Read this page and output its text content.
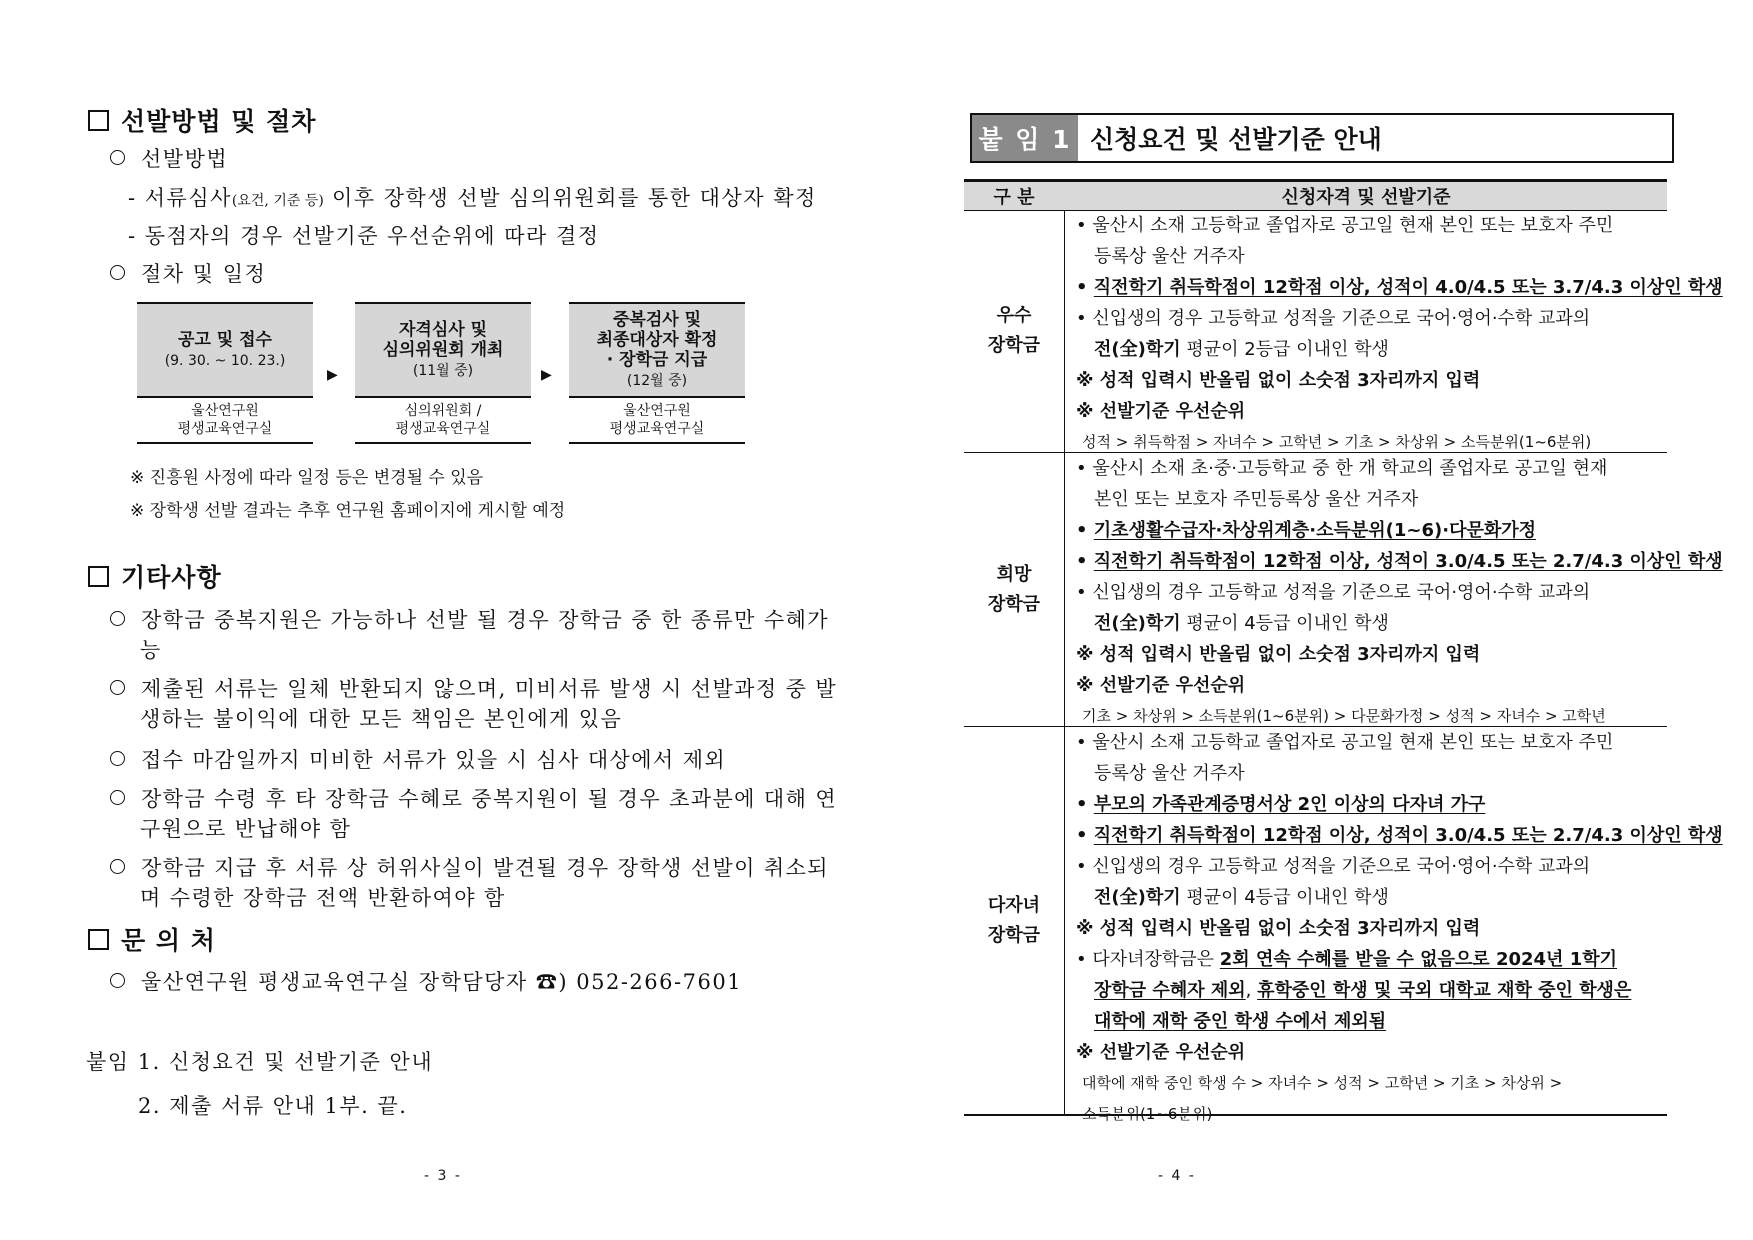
선발방법 및 절차
선발방법
- 서류심사(요건, 기준 등) 이후 장학생 선발 심의위원회를 통한 대상자 확정
- 동점자의 경우 선발기준 우선순위에 따라 결정
절차 및 일정
공고 및 접수
(9. 30. ~ 10. 23.)
울산연구원
평생교육연구실
▶
자격심사 및
심의위원회 개최
(11월 중)
심의위원회 /
평생교육연구실
▶
중복검사 및
최종대상자 확정
· 장학금 지급
(12월 중)
울산연구원
평생교육연구실
※ 진흥원 사정에 따라 일정 등은 변경될 수 있음
※ 장학생 선발 결과는 추후 연구원 홈페이지에 게시할 예정
기타사항
장학금 중복지원은 가능하나 선발 될 경우 장학금 중 한 종류만 수혜가능
제출된 서류는 일체 반환되지 않으며, 미비서류 발생 시 선발과정 중 발생하는 불이익에 대한 모든 책임은 본인에게 있음
접수 마감일까지 미비한 서류가 있을 시 심사 대상에서 제외
장학금 수령 후 타 장학금 수혜로 중복지원이 될 경우 초과분에 대해 연구원으로 반납해야 함
장학금 지급 후 서류 상 허위사실이 발견될 경우 장학생 선발이 취소되며 수령한 장학금 전액 반환하여야 함
문 의 처
울산연구원 평생교육연구실 장학담당자 ☎) 052-266-7601
붙임 1. 신청요건 및 선발기준 안내
2. 제출 서류 안내 1부. 끝.
- 3 -
붙 임 1 신청요건 및 선발기준 안내
구 분	신청자격 및 선발기준
우수
장학금
• 울산시 소재 고등학교 졸업자로 공고일 현재 본인 또는 보호자 주민
등록상 울산 거주자
• 직전학기 취득학점이 12학점 이상, 성적이 4.0/4.5 또는 3.7/4.3 이상인 학생
• 신입생의 경우 고등학교 성적을 기준으로 국어·영어·수학 교과의
전(全)학기 평균이 2등급 이내인 학생
※ 성적 입력시 반올림 없이 소숫점 3자리까지 입력
※ 선발기준 우선순위
성적 > 취득학점 > 자녀수 > 고학년 > 기초 > 차상위 > 소득분위(1~6분위)
희망
장학금
• 울산시 소재 초·중·고등학교 중 한 개 학교의 졸업자로 공고일 현재
본인 또는 보호자 주민등록상 울산 거주자
• 기초생활수급자·차상위계층·소득분위(1~6)·다문화가정
• 직전학기 취득학점이 12학점 이상, 성적이 3.0/4.5 또는 2.7/4.3 이상인 학생
• 신입생의 경우 고등학교 성적을 기준으로 국어·영어·수학 교과의
전(全)학기 평균이 4등급 이내인 학생
※ 성적 입력시 반올림 없이 소숫점 3자리까지 입력
※ 선발기준 우선순위
기초 > 차상위 > 소득분위(1~6분위) > 다문화가정 > 성적 > 자녀수 > 고학년
다자녀
장학금
• 울산시 소재 고등학교 졸업자로 공고일 현재 본인 또는 보호자 주민
등록상 울산 거주자
• 부모의 가족관계증명서상 2인 이상의 다자녀 가구
• 직전학기 취득학점이 12학점 이상, 성적이 3.0/4.5 또는 2.7/4.3 이상인 학생
• 신입생의 경우 고등학교 성적을 기준으로 국어·영어·수학 교과의
전(全)학기 평균이 4등급 이내인 학생
※ 성적 입력시 반올림 없이 소숫점 3자리까지 입력
• 다자녀장학금은 2회 연속 수혜를 받을 수 없음으로 2024년 1학기
장학금 수혜자 제외, 휴학중인 학생 및 국외 대학교 재학 중인 학생은
대학에 재학 중인 학생 수에서 제외됨
※ 선발기준 우선순위
대학에 재학 중인 학생 수 > 자녀수 > 성적 > 고학년 > 기초 > 차상위 >
소득분위(1~6분위)
- 4 -
